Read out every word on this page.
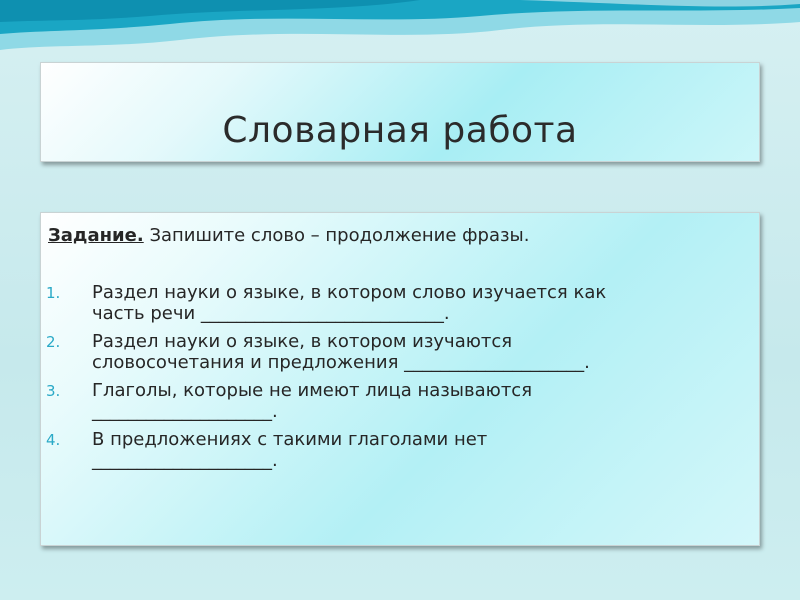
Словарная работа
Задание. Запишите слово – продолжение фразы.
1. Раздел науки о языке, в котором слово изучается как
часть речи ___________________________.
2. Раздел науки о языке, в котором изучаются
словосочетания и предложения ____________________.
3. Глаголы, которые не имеют лица называются
____________________.
4. В предложениях с такими глаголами нет
____________________.
